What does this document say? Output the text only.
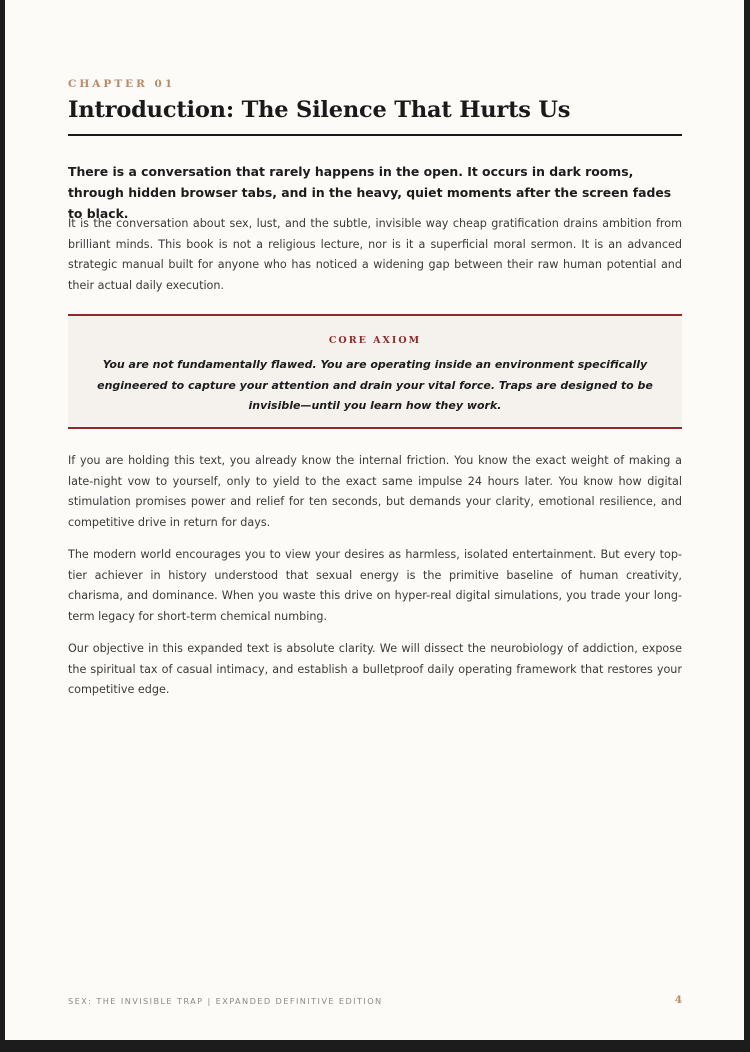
CHAPTER 01
Introduction: The Silence That Hurts Us

There is a conversation that rarely happens in the open. It occurs in dark rooms, through hidden browser tabs, and in the heavy, quiet moments after the screen fades to black.

It is the conversation about sex, lust, and the subtle, invisible way cheap gratification drains ambition from brilliant minds. This book is not a religious lecture, nor is it a superficial moral sermon. It is an advanced strategic manual built for anyone who has noticed a widening gap between their raw human potential and their actual daily execution.

CORE AXIOM

You are not fundamentally flawed. You are operating inside an environment specifically engineered to capture your attention and drain your vital force. Traps are designed to be invisible—until you learn how they work.

If you are holding this text, you already know the internal friction. You know the exact weight of making a late-night vow to yourself, only to yield to the exact same impulse 24 hours later. You know how digital stimulation promises power and relief for ten seconds, but demands your clarity, emotional resilience, and competitive drive in return for days.

The modern world encourages you to view your desires as harmless, isolated entertainment. But every top-tier achiever in history understood that sexual energy is the primitive baseline of human creativity, charisma, and dominance. When you waste this drive on hyper-real digital simulations, you trade your long-term legacy for short-term chemical numbing.

Our objective in this expanded text is absolute clarity. We will dissect the neurobiology of addiction, expose the spiritual tax of casual intimacy, and establish a bulletproof daily operating framework that restores your competitive edge.

SEX: THE INVISIBLE TRAP | EXPANDED DEFINITIVE EDITION	4
